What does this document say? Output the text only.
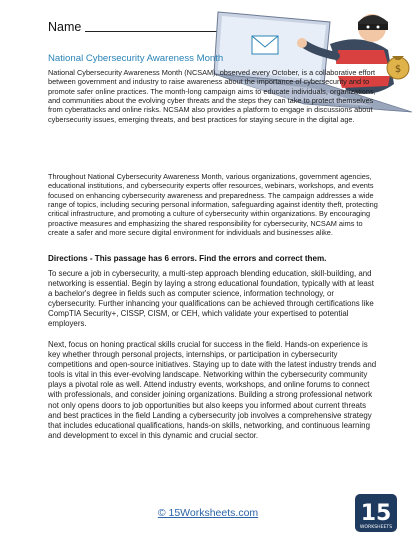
Name
$
National Cybersecurity Awareness Month

National Cybersecurity Awareness Month (NCSAM), observed every October, is a collaborative effort between government and industry to raise awareness about the importance of cybersecurity and to promote safer online practices. The month-long campaign aims to educate individuals, organizations, and communities about the evolving cyber threats and the steps they can take to protect themselves from cyberattacks and online risks. NCSAM also provides a platform to engage in discussions about cybersecurity issues, emerging threats, and best practices for staying secure in the digital age.

Throughout National Cybersecurity Awareness Month, various organizations, government agencies, educational institutions, and cybersecurity experts offer resources, webinars, workshops, and events focused on enhancing cybersecurity awareness and preparedness. The campaign addresses a wide range of topics, including securing personal information, safeguarding against identity theft, protecting critical infrastructure, and promoting a culture of cybersecurity within organizations. By encouraging proactive measures and emphasizing the shared responsibility for cybersecurity, NCSAM aims to create a safer and more secure digital environment for individuals and businesses alike.

Directions - This passage has 6 errors. Find the errors and correct them.

To secure a job in cybersecurity, a multi-step approach blending education, skill-building, and networking is essential. Begin by laying a strong educational foundation, typically with at least a bachelor's degree in fields such as computer science, information technology, or cybersecurity. Further inhancing your qualifications can be achieved through certifications like CompTIA Security+, CISSP, CISM, or CEH, which validate your expertised to potential employers.

Next, focus on honing practical skills crucial for success in the field. Hands-on experience is key whether through personal projects, internships, or participation in cybersecurity competitions and open-source initiatives. Staying up to date with the latest industry trends and tools is vital in this ever-evolving landscape. Networking within the cybersecurity community plays a pivotal role as well. Attend industry events, workshops, and online forums to connect with professionals, and consider joining organizations. Building a strong professional network not only opens doors to job opportunities but also keeps you informed about current threats and best practices in the field Landing a cybersecurity job involves a comprehensive strategy that includes educational qualifications, hands-on skills, networking, and continuous learning and development to excel in this dynamic and crucial sector.

© 15Worksheets.com	15
WORKSHEETS
